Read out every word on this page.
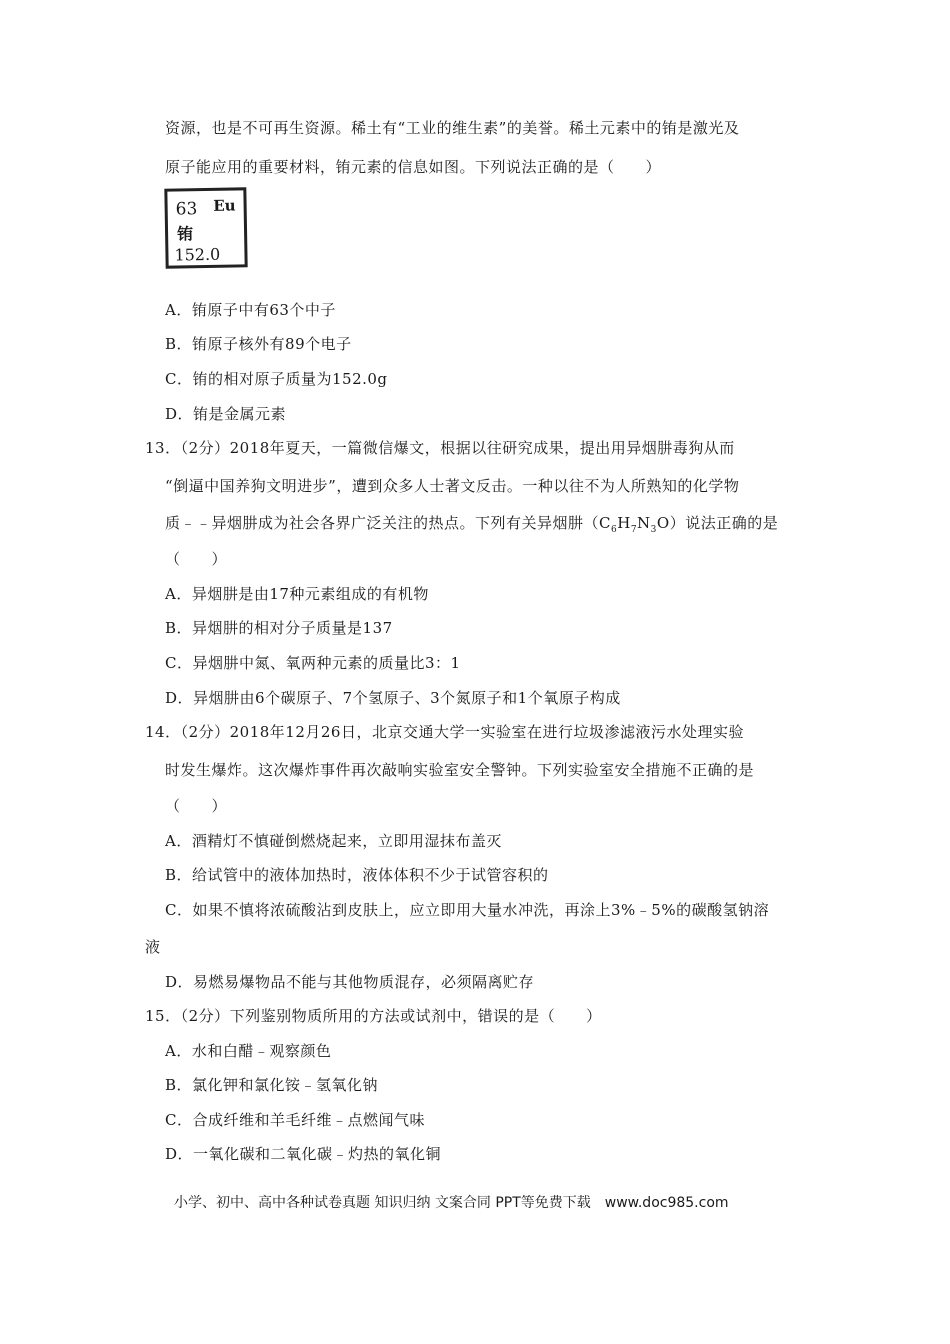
资源，也是不可再生资源。稀土有“工业的维生素”的美誉。稀土元素中的铕是激光及
原子能应用的重要材料，铕元素的信息如图。下列说法正确的是（　　）
63 Eu
铕
152.0
A．铕原子中有63个中子
B．铕原子核外有89个电子
C．铕的相对原子质量为152.0g
D．铕是金属元素
13．（2分）2018年夏天，一篇微信爆文，根据以往研究成果，提出用异烟肼毒狗从而
“倒逼中国养狗文明进步”，遭到众多人士著文反击。一种以往不为人所熟知的化学物
质﹣﹣异烟肼成为社会各界广泛关注的热点。下列有关异烟肼$(C_6H_7N_3O)$说法正确的是
（　　）
A．异烟肼是由17种元素组成的有机物
B．异烟肼的相对分子质量是137
C．异烟肼中氮、氧两种元素的质量比3：1
D．异烟肼由6个碳原子、7个氢原子、3个氮原子和1个氧原子构成
14．（2分）2018年12月26日，北京交通大学一实验室在进行垃圾渗滤液污水处理实验
时发生爆炸。这次爆炸事件再次敲响实验室安全警钟。下列实验室安全措施不正确的是
（　　）
A．酒精灯不慎碰倒燃烧起来，立即用湿抹布盖灭
B．给试管中的液体加热时，液体体积不少于试管容积的
C．如果不慎将浓硫酸沾到皮肤上，应立即用大量水冲洗，再涂上3%﹣5%的碳酸氢钠溶
液
D．易燃易爆物品不能与其他物质混存，必须隔离贮存
15．（2分）下列鉴别物质所用的方法或试剂中，错误的是（　　）
A．水和白醋﹣观察颜色
B．氯化钾和氯化铵﹣氢氧化钠
C．合成纤维和羊毛纤维﹣点燃闻气味
D．一氧化碳和二氧化碳﹣灼热的氧化铜
小学、初中、高中各种试卷真题 知识归纳 文案合同 PPT等免费下载　www.doc985.com
